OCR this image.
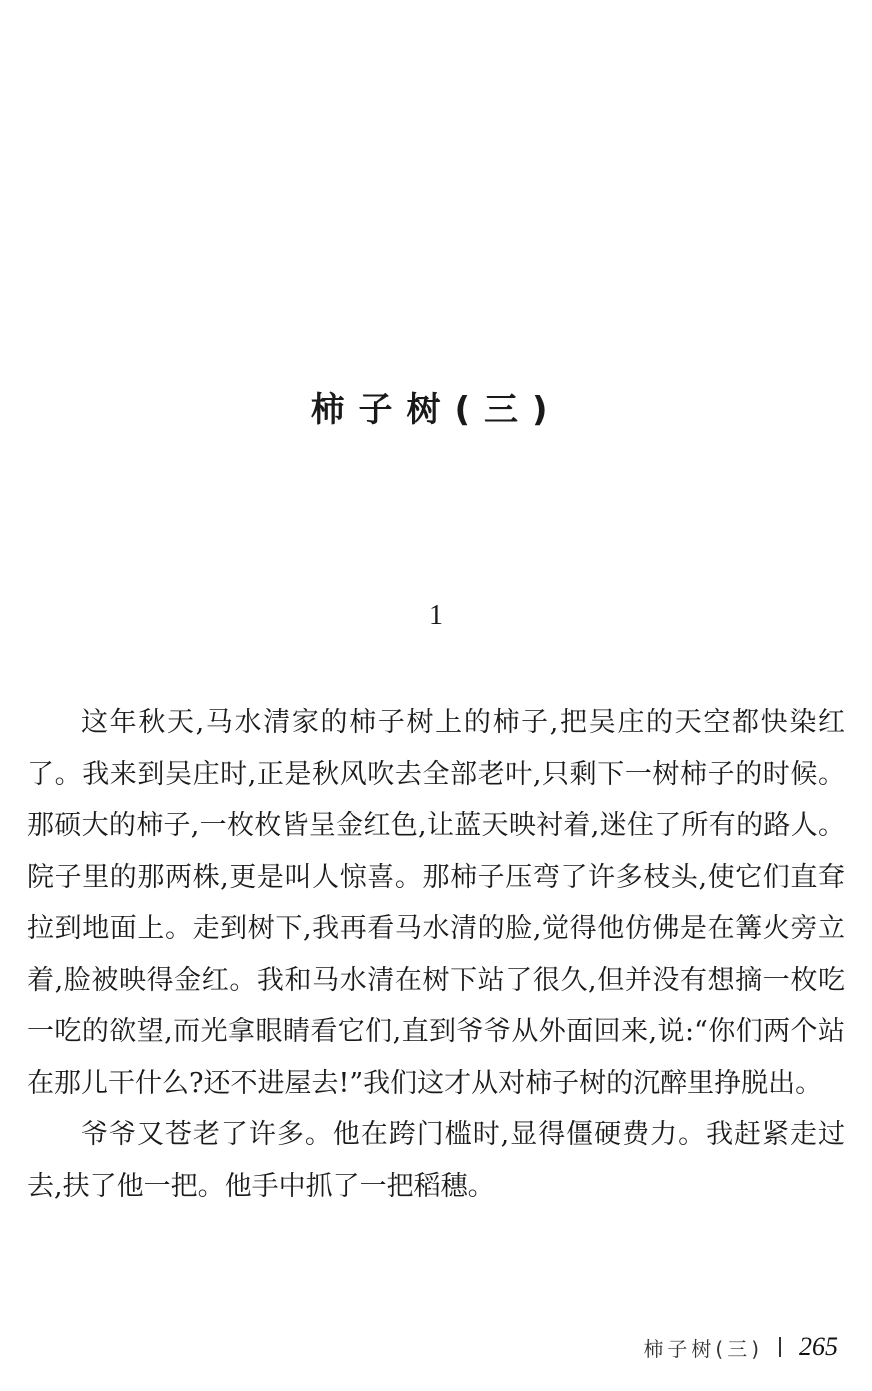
柿子树(三)
1

这年秋天,马水清家的柿子树上的柿子,把吴庄的天空都快染红了。我来到吴庄时,正是秋风吹去全部老叶,只剩下一树柿子的时候。那硕大的柿子,一枚枚皆呈金红色,让蓝天映衬着,迷住了所有的路人。院子里的那两株,更是叫人惊喜。那柿子压弯了许多枝头,使它们直耷拉到地面上。走到树下,我再看马水清的脸,觉得他仿佛是在篝火旁立着,脸被映得金红。我和马水清在树下站了很久,但并没有想摘一枚吃一吃的欲望,而光拿眼睛看它们,直到爷爷从外面回来,说:“你们两个站在那儿干什么?还不进屋去!”我们这才从对柿子树的沉醉里挣脱出。

爷爷又苍老了许多。他在跨门槛时,显得僵硬费力。我赶紧走过去,扶了他一把。他手中抓了一把稻穗。

柿子树(三) 265
